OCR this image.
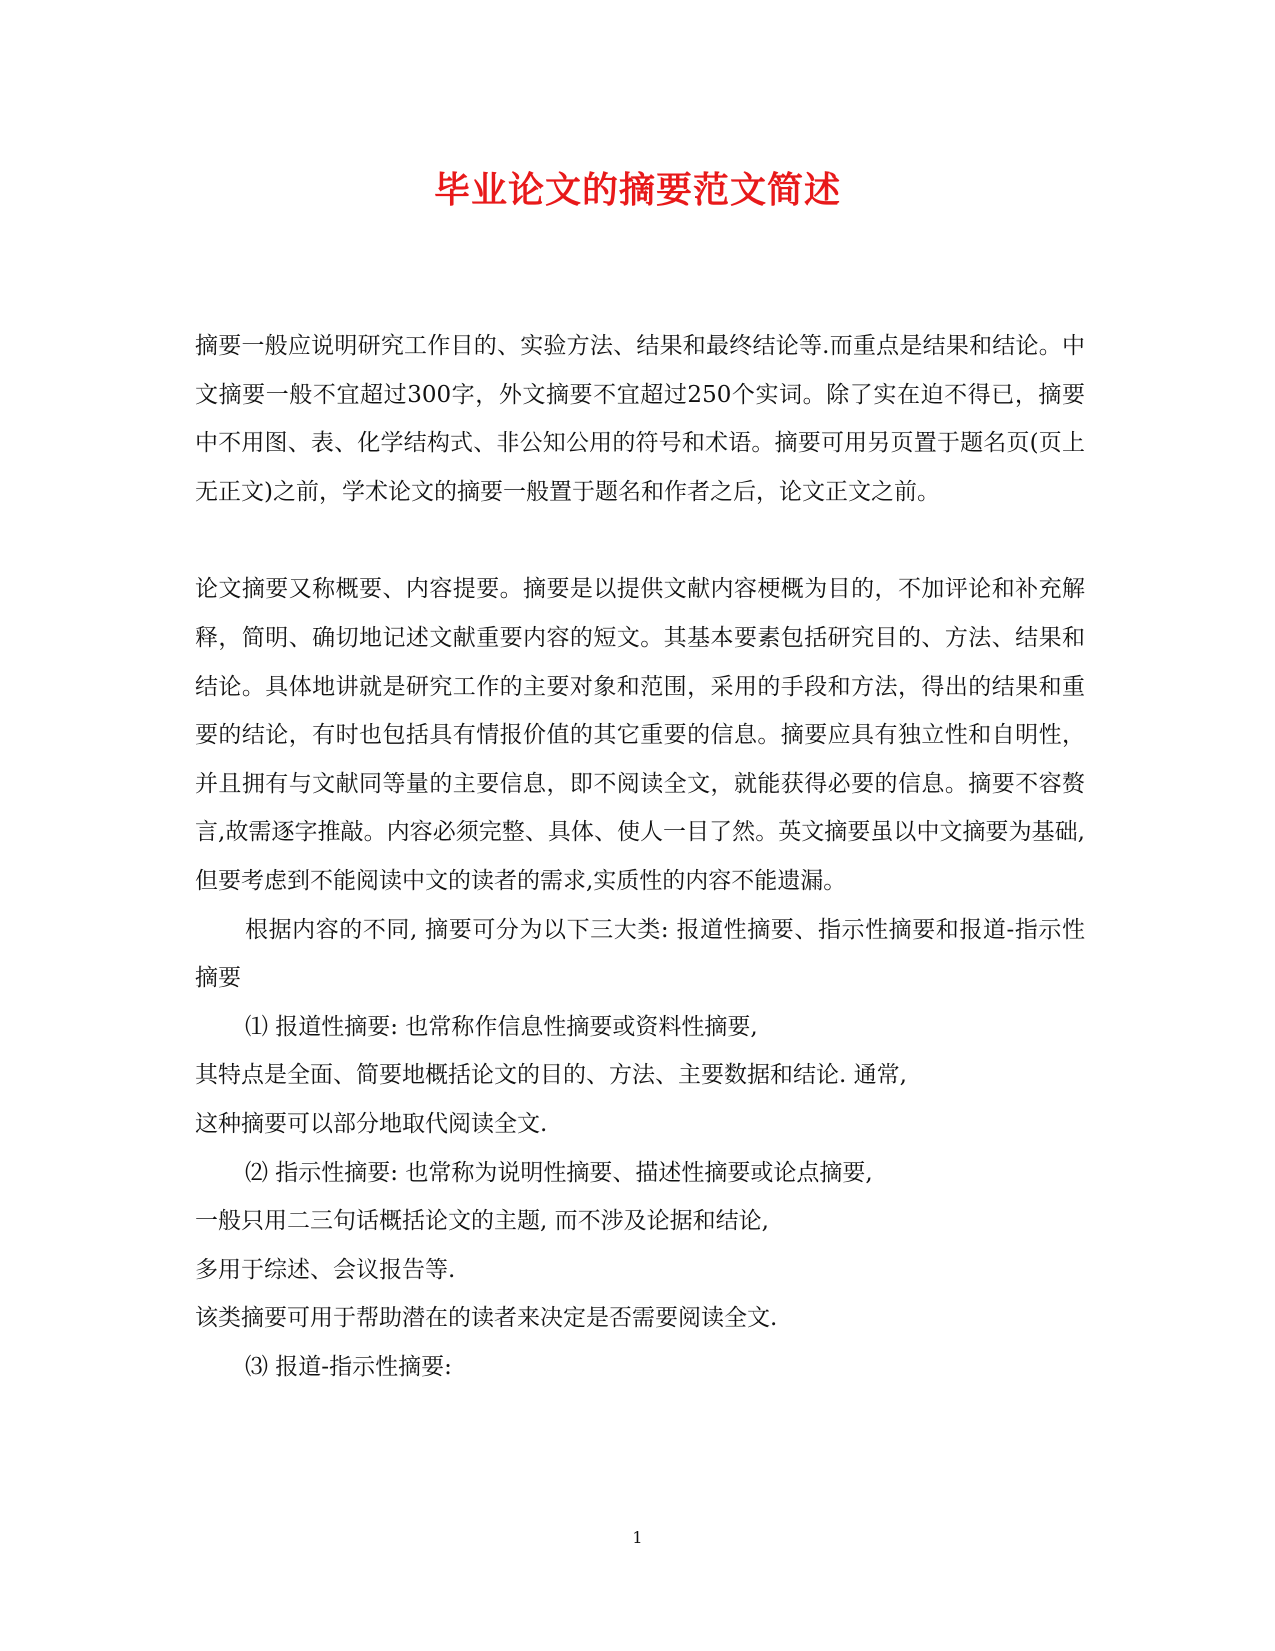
毕业论文的摘要范文简述

摘要一般应说明研究工作目的、实验方法、结果和最终结论等.而重点是结果和结论。中文摘要一般不宜超过300字，外文摘要不宜超过250个实词。除了实在迫不得已，摘要中不用图、表、化学结构式、非公知公用的符号和术语。摘要可用另页置于题名页(页上无正文)之前，学术论文的摘要一般置于题名和作者之后，论文正文之前。

论文摘要又称概要、内容提要。摘要是以提供文献内容梗概为目的，不加评论和补充解释，简明、确切地记述文献重要内容的短文。其基本要素包括研究目的、方法、结果和结论。具体地讲就是研究工作的主要对象和范围，采用的手段和方法，得出的结果和重要的结论，有时也包括具有情报价值的其它重要的信息。摘要应具有独立性和自明性，并且拥有与文献同等量的主要信息，即不阅读全文，就能获得必要的信息。摘要不容赘言,故需逐字推敲。内容必须完整、具体、使人一目了然。英文摘要虽以中文摘要为基础,但要考虑到不能阅读中文的读者的需求,实质性的内容不能遗漏。

根据内容的不同, 摘要可分为以下三大类: 报道性摘要、指示性摘要和报道-指示性摘要

⑴ 报道性摘要: 也常称作信息性摘要或资料性摘要,

其特点是全面、简要地概括论文的目的、方法、主要数据和结论. 通常,

这种摘要可以部分地取代阅读全文.

⑵ 指示性摘要: 也常称为说明性摘要、描述性摘要或论点摘要,

一般只用二三句话概括论文的主题, 而不涉及论据和结论,

多用于综述、会议报告等.

该类摘要可用于帮助潜在的读者来决定是否需要阅读全文.

⑶ 报道-指示性摘要:

1
